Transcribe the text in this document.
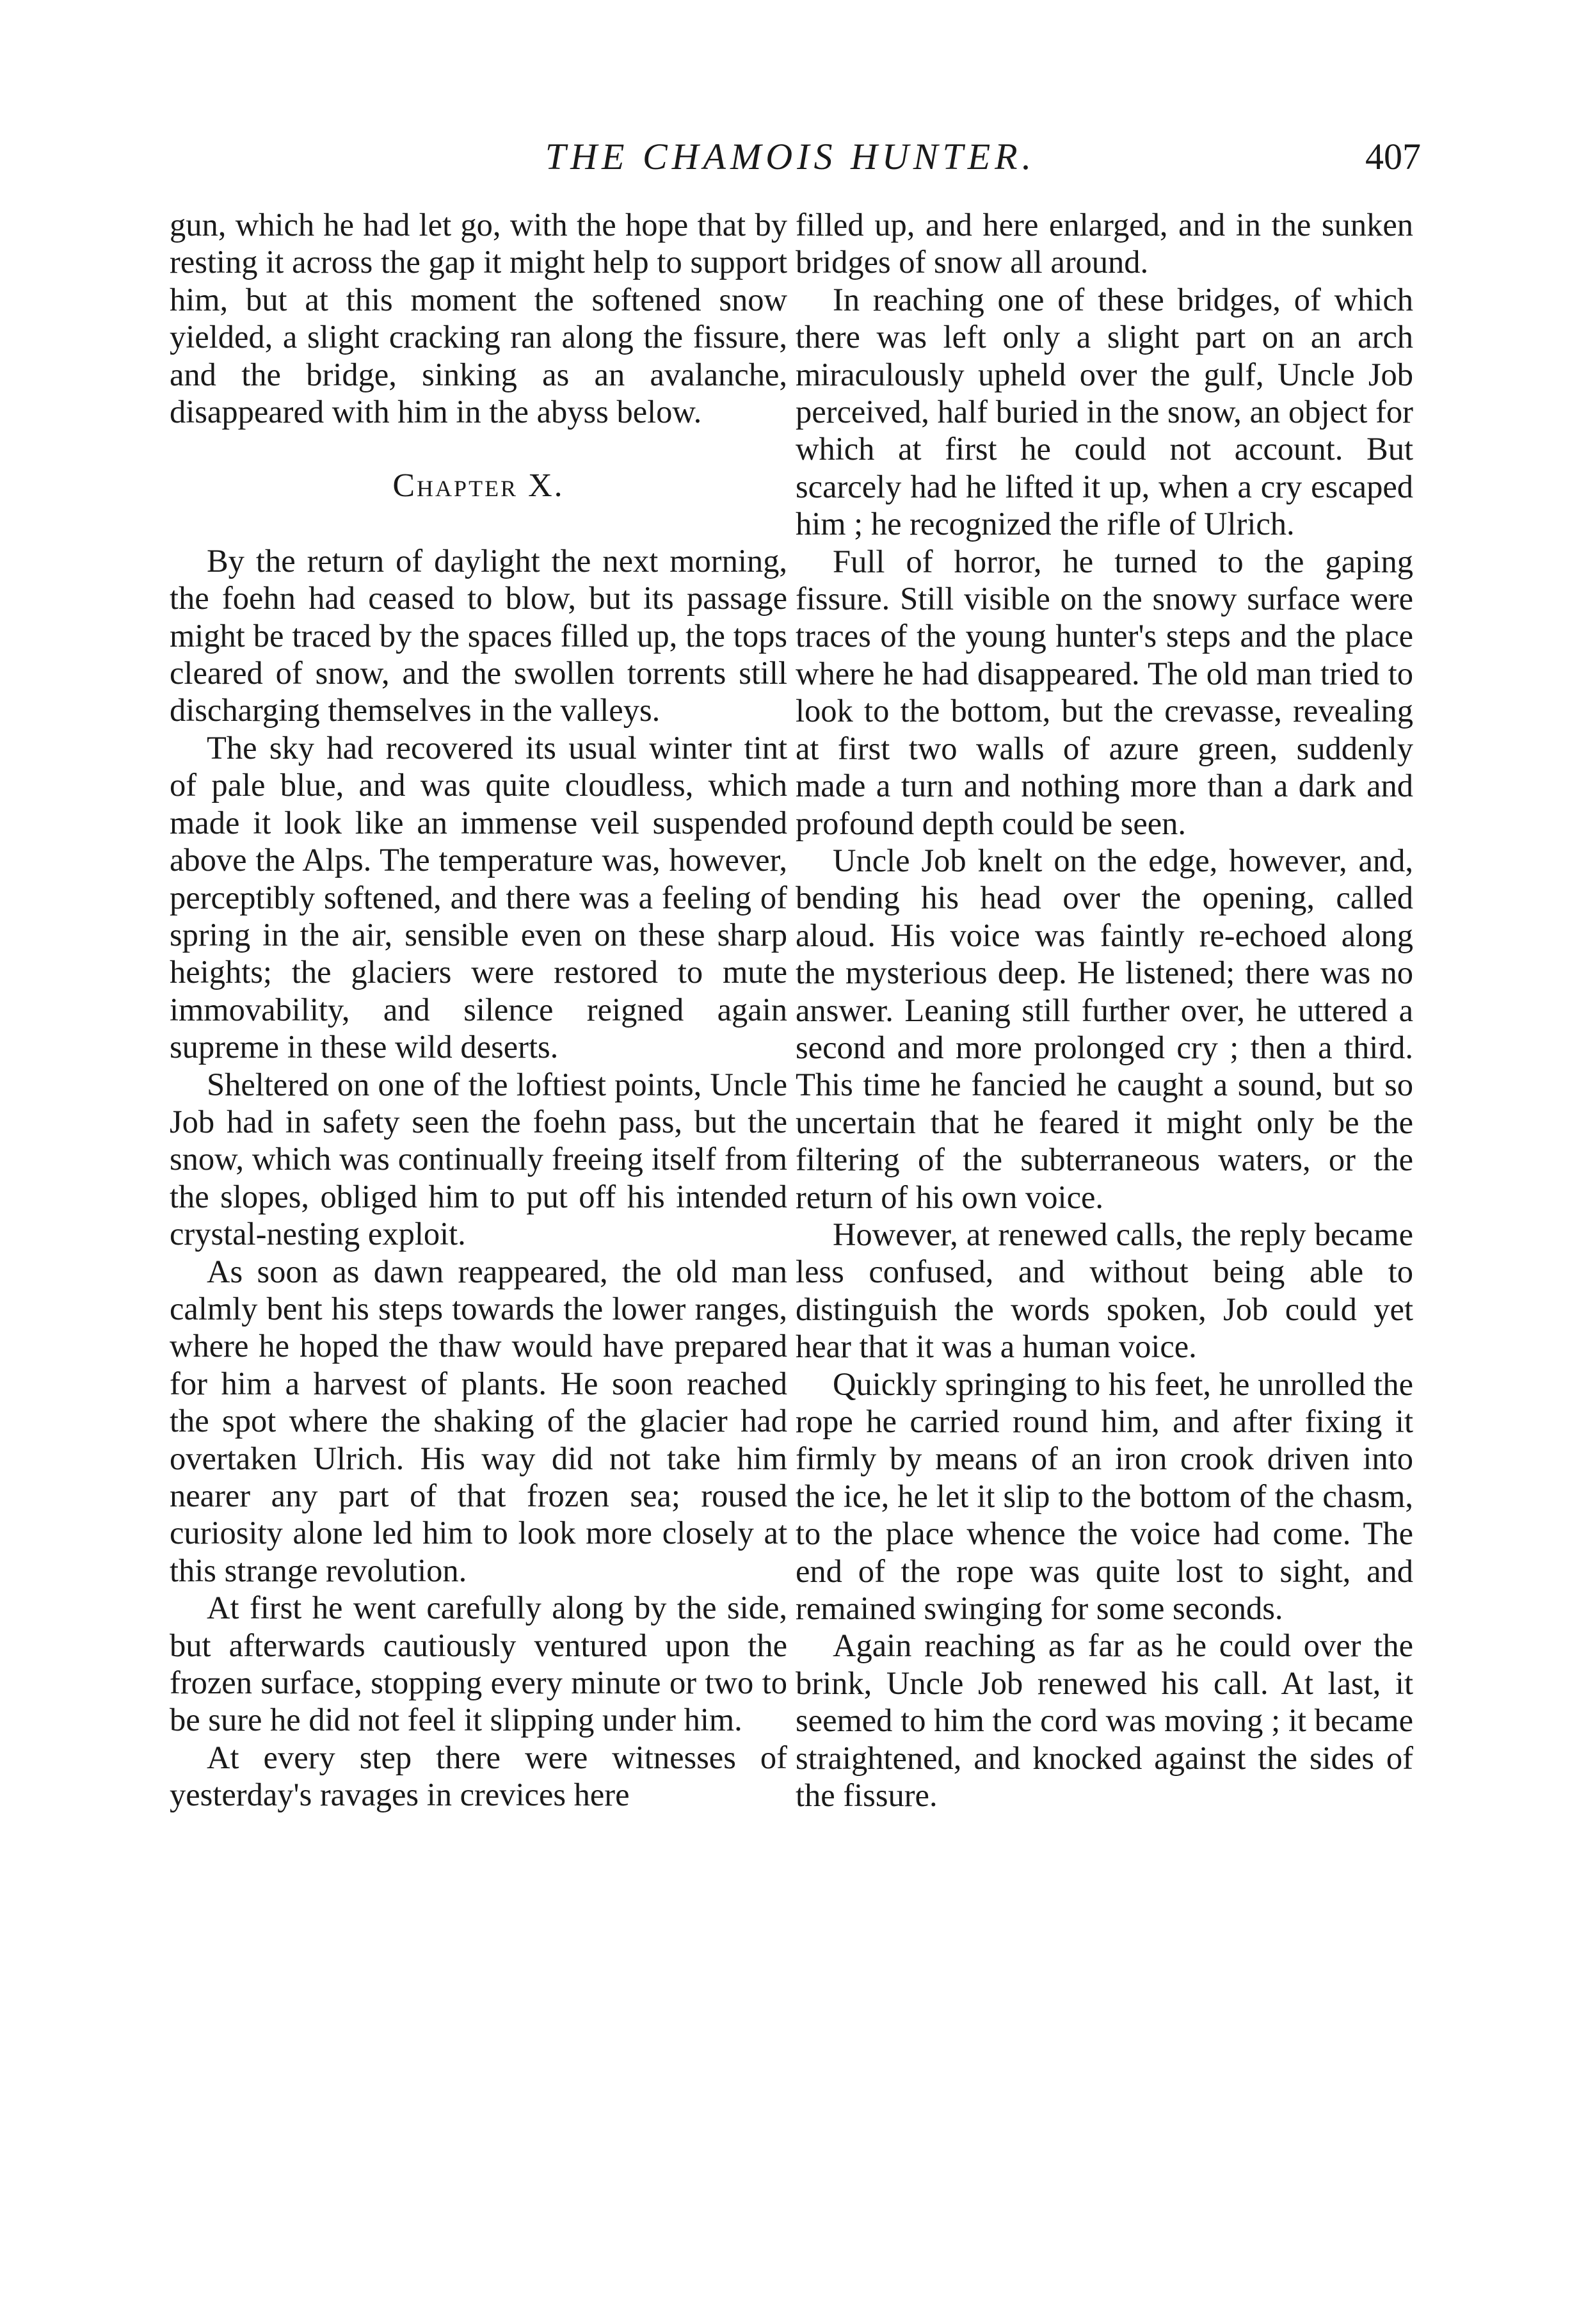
THE CHAMOIS HUNTER.	407

gun, which he had let go, with the hope that by resting it across the gap it might help to support him, but at this moment the softened snow yielded, a slight cracking ran along the fissure, and the bridge, sinking as an avalanche, disappeared with him in the abyss below.

Chapter X.

By the return of daylight the next morning, the foehn had ceased to blow, but its passage might be traced by the spaces filled up, the tops cleared of snow, and the swollen torrents still discharging themselves in the valleys.

The sky had recovered its usual winter tint of pale blue, and was quite cloudless, which made it look like an immense veil suspended above the Alps. The temperature was, however, perceptibly softened, and there was a feeling of spring in the air, sensible even on these sharp heights; the glaciers were restored to mute immovability, and silence reigned again supreme in these wild deserts.

Sheltered on one of the loftiest points, Uncle Job had in safety seen the foehn pass, but the snow, which was continually freeing itself from the slopes, obliged him to put off his intended crystal-nesting exploit.

As soon as dawn reappeared, the old man calmly bent his steps towards the lower ranges, where he hoped the thaw would have prepared for him a harvest of plants. He soon reached the spot where the shaking of the glacier had overtaken Ulrich. His way did not take him nearer any part of that frozen sea; roused curiosity alone led him to look more closely at this strange revolution.

At first he went carefully along by the side, but afterwards cautiously ventured upon the frozen surface, stopping every minute or two to be sure he did not feel it slipping under him.

At every step there were witnesses of yesterday's ravages in crevices here

filled up, and here enlarged, and in the sunken bridges of snow all around.

In reaching one of these bridges, of which there was left only a slight part on an arch miraculously upheld over the gulf, Uncle Job perceived, half buried in the snow, an object for which at first he could not account. But scarcely had he lifted it up, when a cry escaped him ; he recognized the rifle of Ulrich.

Full of horror, he turned to the gaping fissure. Still visible on the snowy surface were traces of the young hunter's steps and the place where he had disappeared. The old man tried to look to the bottom, but the crevasse, revealing at first two walls of azure green, suddenly made a turn and nothing more than a dark and profound depth could be seen.

Uncle Job knelt on the edge, however, and, bending his head over the opening, called aloud. His voice was faintly re-echoed along the mysterious deep. He listened; there was no answer. Leaning still further over, he uttered a second and more prolonged cry ; then a third. This time he fancied he caught a sound, but so uncertain that he feared it might only be the filtering of the subterraneous waters, or the return of his own voice.

However, at renewed calls, the reply became less confused, and without being able to distinguish the words spoken, Job could yet hear that it was a human voice.

Quickly springing to his feet, he unrolled the rope he carried round him, and after fixing it firmly by means of an iron crook driven into the ice, he let it slip to the bottom of the chasm, to the place whence the voice had come. The end of the rope was quite lost to sight, and remained swinging for some seconds.

Again reaching as far as he could over the brink, Uncle Job renewed his call. At last, it seemed to him the cord was moving ; it became straightened, and knocked against the sides of the fissure.
